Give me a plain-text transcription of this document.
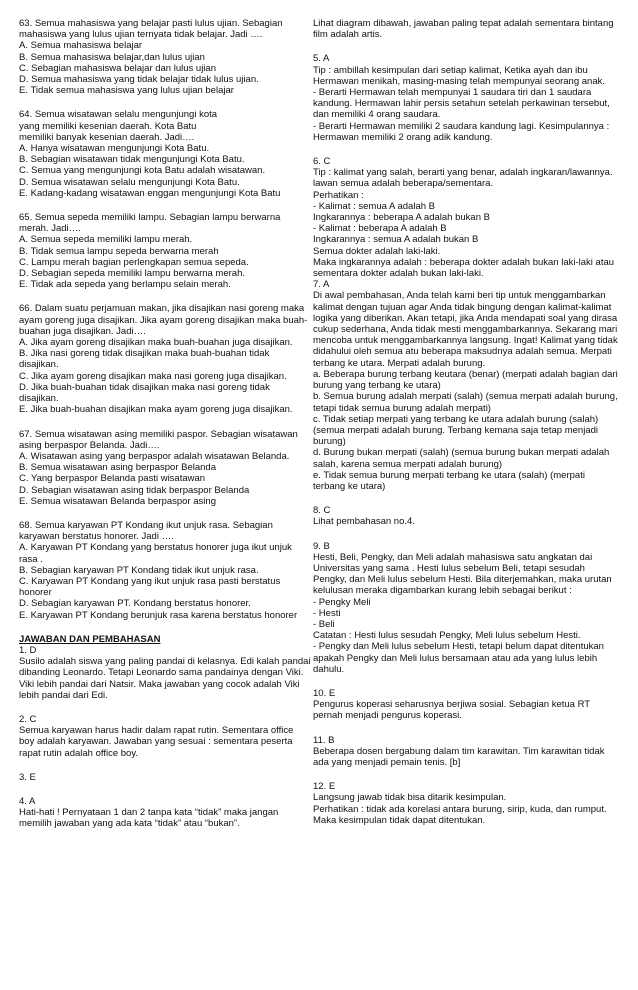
63. Semua mahasiswa yang belajar pasti lulus ujian. Sebagian mahasiswa yang lulus ujian ternyata tidak belajar. Jadi ….
A. Semua mahasiswa belajar
B. Semua mahasiswa belajar,dan lulus ujian
C. Sebagian mahasiswa belajar dan lulus ujian
D. Semua mahasiswa yang tidak belajar tidak lulus ujian.
E. Tidak semua mahasiswa yang lulus ujian belajar
64. Semua wisatawan selalu mengunjungi kota
yang memiliki kesenian daerah. Kota Batu
memiliki banyak kesenian daerah. Jadi….
A. Hanya wisatawan mengunjungi Kota Batu.
B. Sebagian wisatawan tidak mengunjungi Kota Batu.
C. Semua yang mengunjungi kota Batu adalah wisatawan.
D. Semua wisatawan selalu mengunjungi Kota Batu.
E. Kadang-kadang wisatawan enggan mengunjungi Kota Batu
65. Semua sepeda memiliki lampu. Sebagian lampu berwarna merah. Jadi….
A. Semua sepeda memiliki lampu merah.
B. Tidak semua lampu sepeda berwarna merah
C. Lampu merah bagian perlengkapan semua sepeda.
D. Sebagian sepeda memiliki lampu berwarna merah.
E. Tidak ada sepeda yang berlampu selain merah.
66. Dalam suatu perjamuan makan, jika disajikan nasi goreng maka ayam goreng juga disajikan. Jika ayam goreng disajikan maka buah-buahan juga disajikan. Jadi….
A. Jika ayam goreng disajikan maka buah-buahan juga disajikan.
B. Jika nasi goreng tidak disajikan maka buah-buahan tidak disajikan.
C. Jika ayam goreng disajikan maka nasi goreng juga disajikan.
D. Jika buah-buahan tidak disajikan maka nasi goreng tidak disajikan.
E. Jika buah-buahan disajikan maka ayam goreng juga disajikan.
67. Semua wisatawan asing memiliki paspor. Sebagian wisatawan asing berpaspor Belanda. Jadi….
A. Wisatawan asing yang berpaspor adalah wisatawan Belanda.
B. Semua wisatawan asing berpaspor Belanda
C. Yang berpaspor Belanda pasti wisatawan
D. Sebagian wisatawan asing tidak berpaspor Belanda
E. Semua wisatawan Belanda berpaspor asing
68. Semua karyawan PT Kondang ikut unjuk rasa. Sebagian karyawan berstatus honorer. Jadi ….
A. Karyawan PT Kondang yang berstatus honorer juga ikut unjuk rasa .
B. Sebagian karyawan PT Kondang tidak ikut unjuk rasa.
C. Karyawan PT Kondang yang ikut unjuk rasa pasti berstatus honorer
D. Sebagian karyawan PT. Kondang berstatus honorer.
E. Karyawan PT Kondang berunjuk rasa karena berstatus honorer
JAWABAN DAN PEMBAHASAN
1. D
Susilo adalah siswa yang paling pandai di kelasnya. Edi kalah pandai dibanding Leonardo. Tetapi Leonardo sama pandainya dengan Viki. Viki lebih pandai dari Natsir. Maka jawaban yang cocok adalah Viki lebih pandai dari Edi.
2. C
Semua karyawan harus hadir dalam rapat rutin. Sementara office boy adalah karyawan. Jawaban yang sesuai : sementara peserta rapat rutin adalah office boy.
3. E
4. A
Hati-hati ! Pernyataan 1 dan 2 tanpa kata “tidak” maka jangan memilih jawaban yang ada kata “tidak” atau “bukan”.
Lihat diagram dibawah, jawaban paling tepat adalah sementara bintang film adalah artis.
5. A
Tip : ambillah kesimpulan dari setiap kalimat, Ketika ayah dan ibu Hermawan menikah, masing-masing telah mempunyai seorang anak.
- Berarti Hermawan telah mempunyai 1 saudara tiri dan 1 saudara kandung. Hermawan lahir persis setahun setelah perkawinan tersebut, dan memiliki 4 orang saudara.
- Berarti Hermawan memiliki 2 saudara kandung lagi. Kesimpulannya : Hermawan memiliki 2 orang adik kandung.
6. C
Tip : kalimat yang salah, berarti yang benar, adalah ingkaran/lawannya. lawan semua adalah beberapa/sementara.
Perhatikan :
- Kalimat : semua A adalah B
Ingkarannya : beberapa A adalah bukan B
- Kalimat : beberapa A adalah B
Ingkarannya : semua A adalah bukan B
Semua dokter adalah laki-laki.
Maka ingkarannya adalah : beberapa dokter adalah bukan laki-laki atau sementara dokter adalah bukan laki-laki.
7. A
Di awal pembahasan, Anda telah kami beri tip untuk menggambarkan kalimat dengan tujuan agar Anda tidak bingung dengan kalimat-kalimat logika yang diberikan. Akan tetapi, jika Anda mendapati soal yang dirasa cukup sederhana, Anda tidak mesti menggambarkannya. Sekarang mari mencoba untuk menggambarkannya langsung. Ingat! Kalimat yang tidak didahului oleh semua atu beberapa maksudnya adalah semua. Merpati terbang ke utara. Merpati adalah burung.
a. Beberapa burung terbang keutara (benar) (merpati adalah bagian dari burung yang terbang ke utara)
b. Semua burung adalah merpati (salah) (semua merpati adalah burung, tetapi tidak semua burung adalah merpati)
c. Tidak setiap merpati yang terbang ke utara adalah burung (salah) (semua merpati adalah burung. Terbang kemana saja tetap menjadi burung)
d. Burung bukan merpati (salah) (semua burung bukan merpati adalah salah, karena semua merpati adalah burung)
e. Tidak semua burung merpati terbang ke utara (salah) (merpati terbang ke utara)
8. C
Lihat pembahasan no.4.
9. B
Hesti, Beli, Pengky, dan Meli adalah mahasiswa satu angkatan dai Universitas yang sama . Hesti lulus sebelum Beli, tetapi sesudah Pengky, dan Meli lulus sebelum Hesti. Bila diterjemahkan, maka urutan kelulusan meraka digambarkan kurang lebih sebagai berikut :
- Pengky Meli
- Hesti
- Beli
Catatan : Hesti lulus sesudah Pengky, Meli lulus sebelum Hesti.
- Pengky dan Meli lulus sebelum Hesti, tetapi belum dapat ditentukan apakah Pengky dan Meli lulus bersamaan atau ada yang lulus lebih dahulu.
10. E
Pengurus koperasi seharusnya berjiwa sosial. Sebagian ketua RT pernah menjadi pengurus koperasi.
11. B
Beberapa dosen bergabung dalam tim karawitan. Tim karawitan tidak ada yang menjadi pemain tenis. [b]
12. E
Langsung jawab tidak bisa ditarik kesimpulan.
Perhatikan : tidak ada korelasi antara burung, sirip, kuda, dan rumput. Maka kesimpulan tidak dapat ditentukan.
